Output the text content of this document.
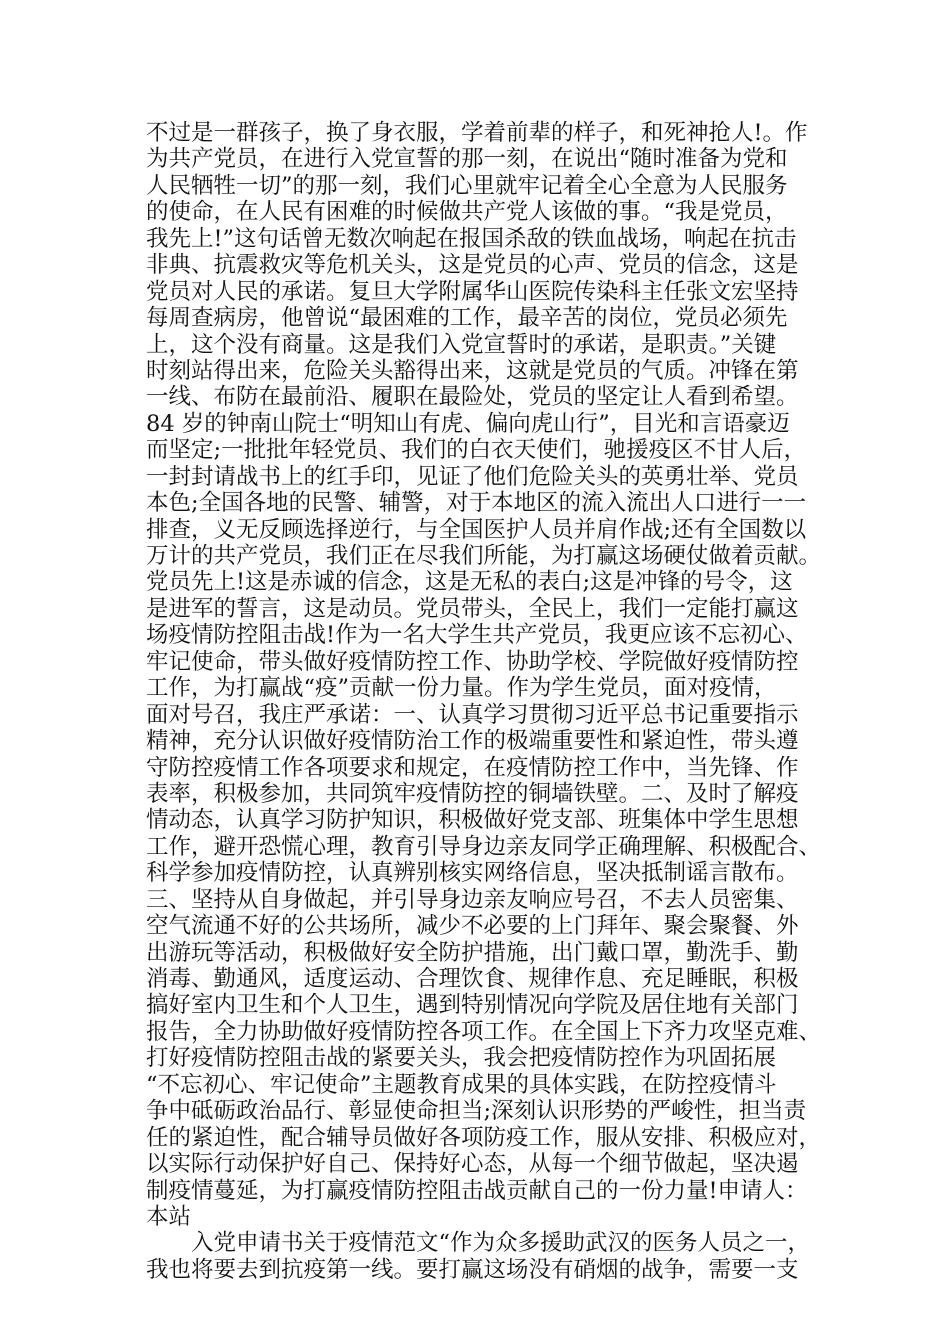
不过是一群孩子，换了身衣服，学着前辈的样子，和死神抢人!。作
为共产党员，在进行入党宣誓的那一刻，在说出“随时准备为党和
人民牺牲一切”的那一刻，我们心里就牢记着全心全意为人民服务
的使命，在人民有困难的时候做共产党人该做的事。“我是党员，
我先上!”这句话曾无数次响起在报国杀敌的铁血战场，响起在抗击
非典、抗震救灾等危机关头，这是党员的心声、党员的信念，这是
党员对人民的承诺。复旦大学附属华山医院传染科主任张文宏坚持
每周查病房，他曾说“最困难的工作，最辛苦的岗位，党员必须先
上，这个没有商量。这是我们入党宣誓时的承诺，是职责。”关键
时刻站得出来，危险关头豁得出来，这就是党员的气质。冲锋在第
一线、布防在最前沿、履职在最险处，党员的坚定让人看到希望。
84 岁的钟南山院士“明知山有虎、偏向虎山行”，目光和言语豪迈
而坚定;一批批年轻党员、我们的白衣天使们，驰援疫区不甘人后，
一封封请战书上的红手印，见证了他们危险关头的英勇壮举、党员
本色;全国各地的民警、辅警，对于本地区的流入流出人口进行一一
排查，义无反顾选择逆行，与全国医护人员并肩作战;还有全国数以
万计的共产党员，我们正在尽我们所能，为打赢这场硬仗做着贡献。
党员先上!这是赤诚的信念，这是无私的表白;这是冲锋的号令，这
是进军的誓言，这是动员。党员带头，全民上，我们一定能打赢这
场疫情防控阻击战!作为一名大学生共产党员，我更应该不忘初心、
牢记使命，带头做好疫情防控工作、协助学校、学院做好疫情防控
工作，为打赢战“疫”贡献一份力量。作为学生党员，面对疫情，
面对号召，我庄严承诺：一、认真学习贯彻习近平总书记重要指示
精神，充分认识做好疫情防治工作的极端重要性和紧迫性，带头遵
守防控疫情工作各项要求和规定，在疫情防控工作中，当先锋、作
表率，积极参加，共同筑牢疫情防控的铜墙铁壁。二、及时了解疫
情动态，认真学习防护知识，积极做好党支部、班集体中学生思想
工作，避开恐慌心理，教育引导身边亲友同学正确理解、积极配合、
科学参加疫情防控，认真辨别核实网络信息，坚决抵制谣言散布。
三、坚持从自身做起，并引导身边亲友响应号召，不去人员密集、
空气流通不好的公共场所，减少不必要的上门拜年、聚会聚餐、外
出游玩等活动，积极做好安全防护措施，出门戴口罩，勤洗手、勤
消毒、勤通风，适度运动、合理饮食、规律作息、充足睡眠，积极
搞好室内卫生和个人卫生，遇到特别情况向学院及居住地有关部门
报告，全力协助做好疫情防控各项工作。在全国上下齐力攻坚克难、
打好疫情防控阻击战的紧要关头，我会把疫情防控作为巩固拓展
“不忘初心、牢记使命”主题教育成果的具体实践，在防控疫情斗
争中砥砺政治品行、彰显使命担当;深刻认识形势的严峻性，担当责
任的紧迫性，配合辅导员做好各项防疫工作，服从安排、积极应对，
以实际行动保护好自己、保持好心态，从每一个细节做起，坚决遏
制疫情蔓延，为打赢疫情防控阻击战贡献自己的一份力量!申请人：
本站
　　入党申请书关于疫情范文“作为众多援助武汉的医务人员之一，
我也将要去到抗疫第一线。要打赢这场没有硝烟的战争，需要一支
